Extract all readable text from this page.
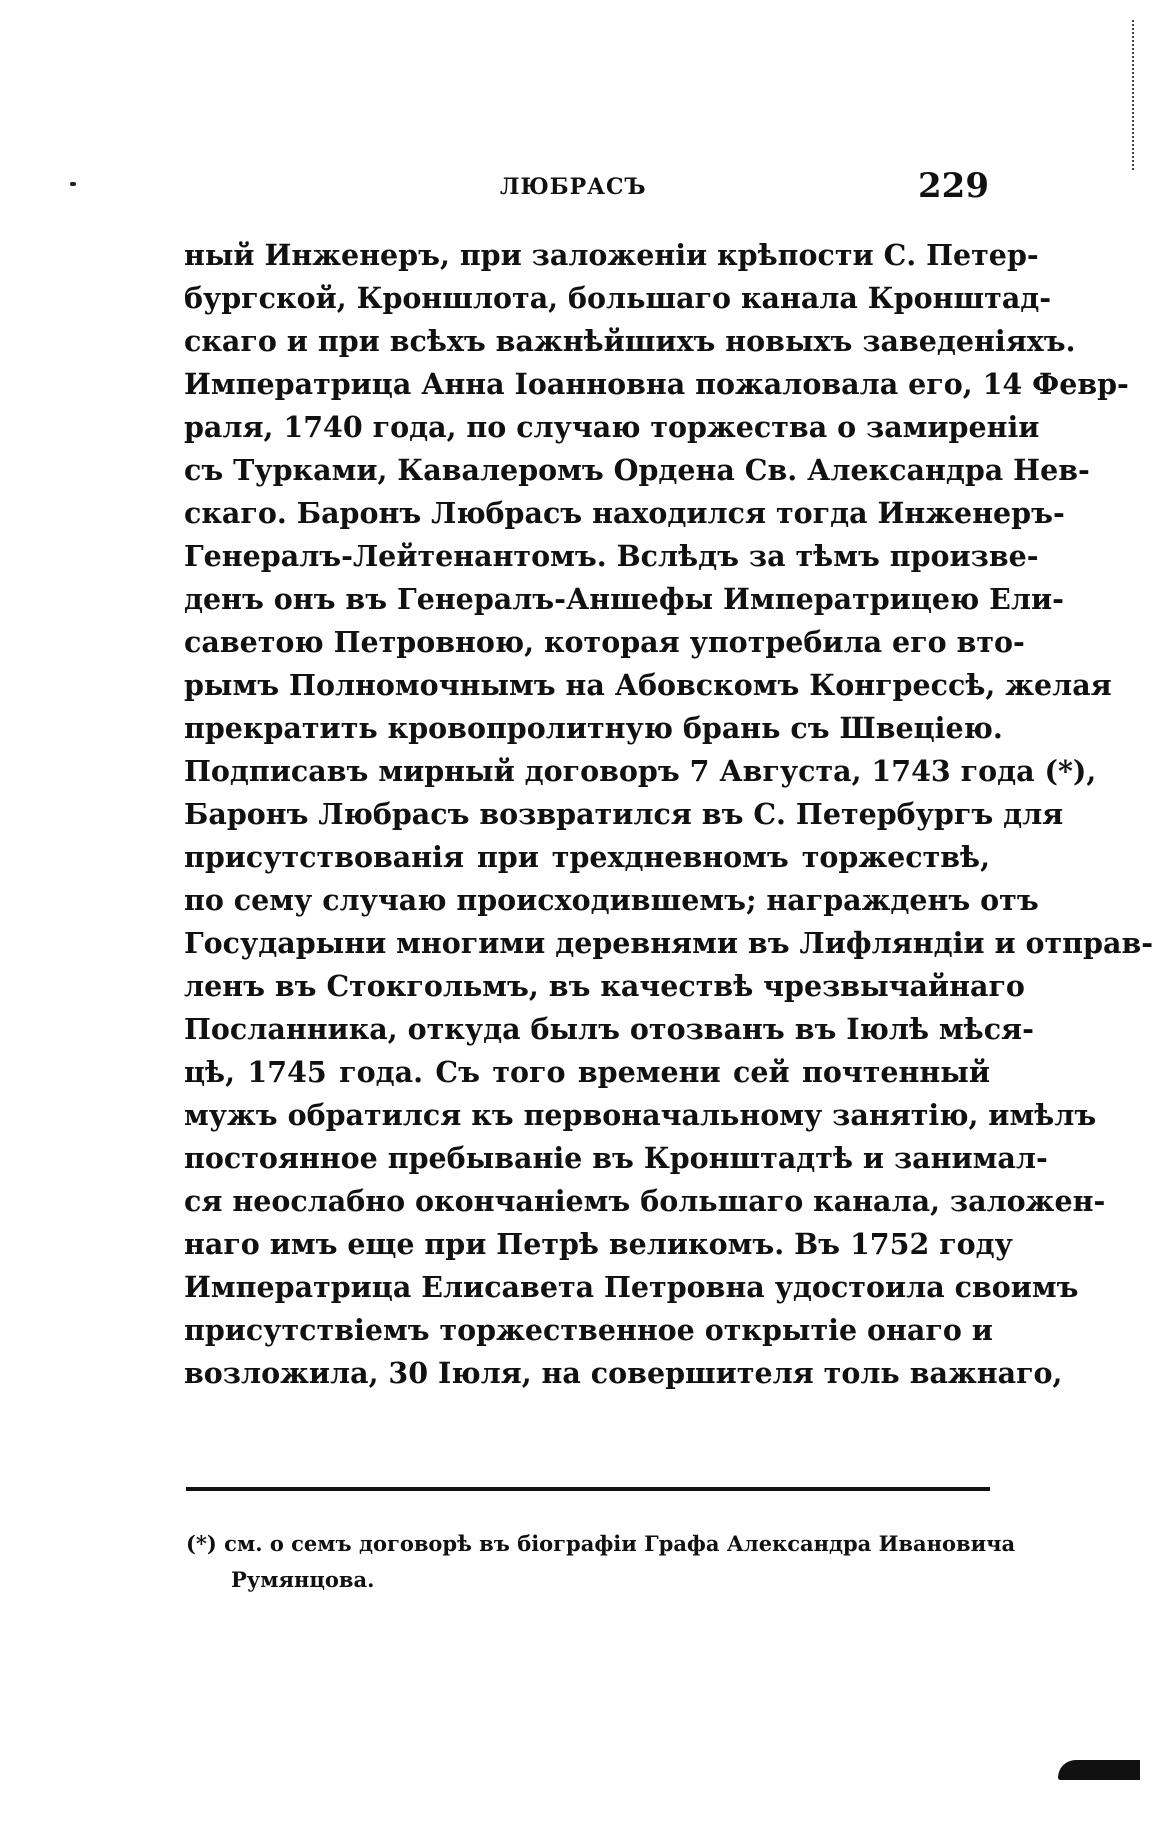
ЛЮБРАСЪ	229
ный Инженеръ, при заложенiи крѣпости С. Петер-
бургской, Кроншлота, большаго канала Кронштад-
скаго и при всѣхъ важнѣйшихъ новыхъ заведенiяхъ.
Императрица Анна Iоанновна пожаловала его, 14 Февр-
раля, 1740 года, по случаю торжества о замиренiи
съ Турками, Кавалеромъ Ордена Св. Александра Нев-
скаго. Баронъ Любрасъ находился тогда Инженеръ-
Генералъ-Лейтенантомъ. Вслѣдъ за тѣмъ произве-
денъ онъ въ Генералъ-Аншефы Императрицею Ели-
саветою Петровною, которая употребила его вто-
рымъ Полномочнымъ на Абовскомъ Конгрессѣ, желая
прекратить кровопролитную брань съ Швецiею.
Подписавъ мирный договоръ 7 Августа, 1743 года (*),
Баронъ Любрасъ возвратился въ С. Петербургъ для
присутствованiя при трехдневномъ торжествѣ,
по сему случаю происходившемъ; награжденъ отъ
Государыни многими деревнями въ Лифляндiи и отправ-
ленъ въ Стокгольмъ, въ качествѣ чрезвычайнаго
Посланника, откуда былъ отозванъ въ Iюлѣ мѣся-
цѣ, 1745 года. Съ того времени сей почтенный
мужъ обратился къ первоначальному занятiю, имѣлъ
постоянное пребыванiе въ Кронштадтѣ и занимал-
ся неослабно окончанiемъ большаго канала, заложен-
наго имъ еще при Петрѣ великомъ. Въ 1752 году
Императрица Елисавета Петровна удостоила своимъ
присутствiемъ торжественное открытiе онаго и
возложила, 30 Iюля, на совершителя толь важнаго,
(*) см. о семъ договорѣ въ бiографiи Графа Александра Ивановича
Румянцова.
